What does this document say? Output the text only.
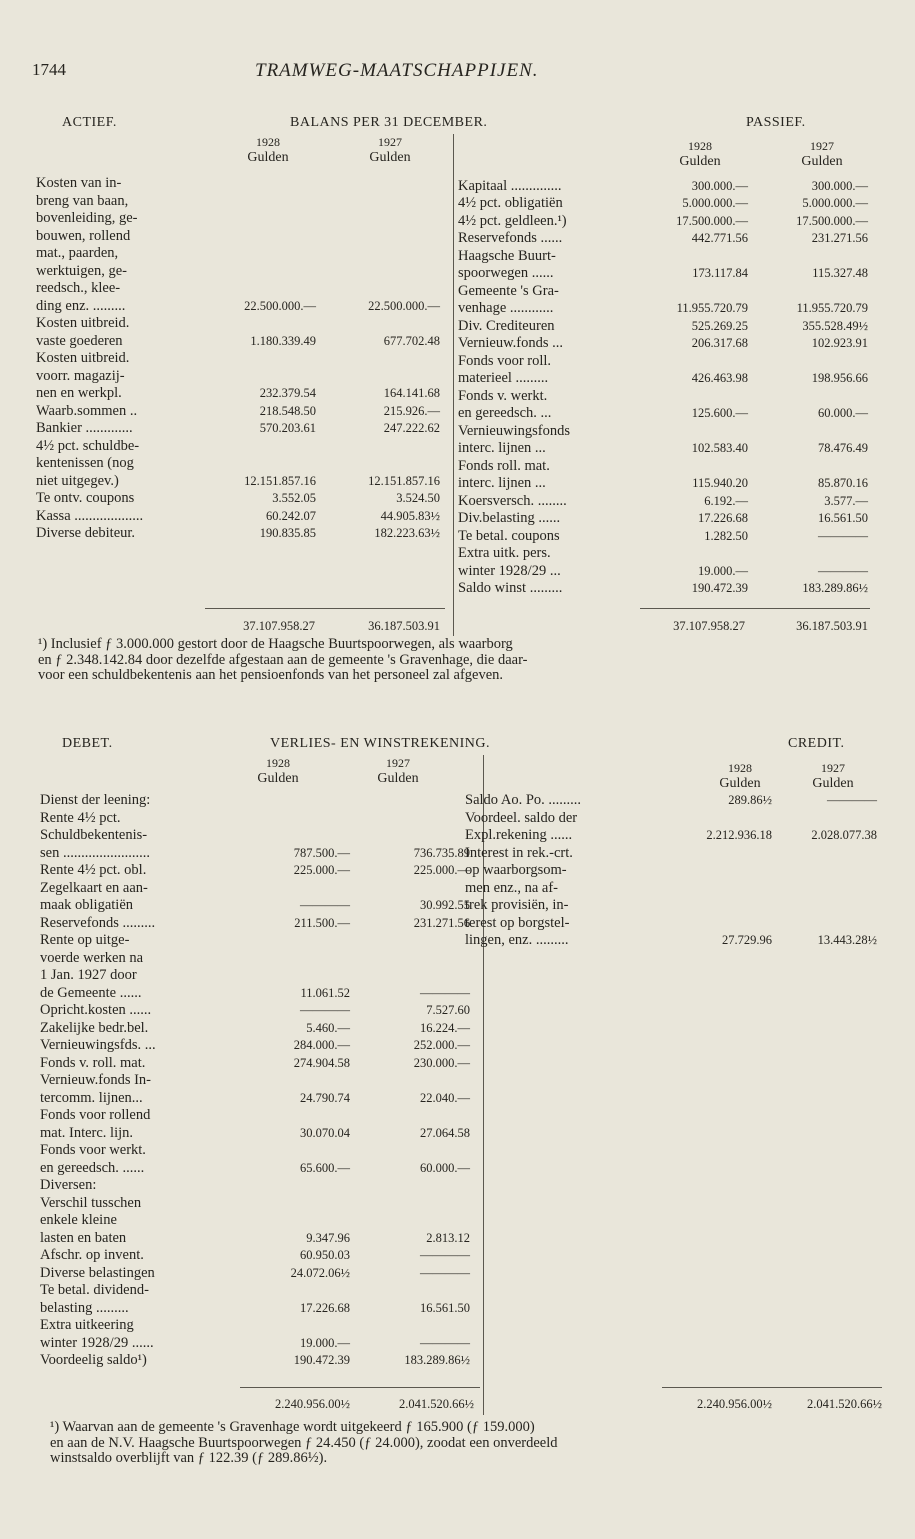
1744	TRAMWEG-MAATSCHAPPIJEN.
ACTIEF.	BALANS PER 31 DECEMBER.	PASSIEF.
1928
Gulden
1927
Gulden
1928
Gulden
1927
Gulden
Kosten van in-
breng van baan,
bovenleiding, ge-
bouwen, rollend
mat., paarden,
werktuigen, ge-
reedsch., klee-
ding enz. .........	22.500.000.—	22.500.000.—
Kosten uitbreid.
vaste goederen	1.180.339.49	677.702.48
Kosten uitbreid.
voorr. magazij-
nen en werkpl.	232.379.54	164.141.68
Waarb.sommen ..	218.548.50	215.926.—
Bankier .............	570.203.61	247.222.62
4½ pct. schuldbe-
kentenissen (nog
niet uitgegev.)	12.151.857.16	12.151.857.16
Te ontv. coupons	3.552.05	3.524.50
Kassa ...................	60.242.07	44.905.83½
Diverse debiteur.	190.835.85	182.223.63½
Kapitaal ..............	300.000.—	300.000.—
4½ pct. obligatiën	5.000.000.—	5.000.000.—
4½ pct. geldleen.¹)	17.500.000.—	17.500.000.—
Reservefonds ......	442.771.56	231.271.56
Haagsche Buurt-
spoorwegen ......	173.117.84	115.327.48
Gemeente 's Gra-
venhage ............	11.955.720.79	11.955.720.79
Div. Crediteuren	525.269.25	355.528.49½
Vernieuw.fonds ...	206.317.68	102.923.91
Fonds voor roll.
materieel .........	426.463.98	198.956.66
Fonds v. werkt.
en gereedsch. ...	125.600.—	60.000.—
Vernieuwingsfonds
interc. lijnen ...	102.583.40	78.476.49
Fonds roll. mat.
interc. lijnen ...	115.940.20	85.870.16
Koersversch. ........	6.192.—	3.577.—
Div.belasting ......	17.226.68	16.561.50
Te betal. coupons	1.282.50	————
Extra uitk. pers.
winter 1928/29 ...	19.000.—	————
Saldo winst .........	190.472.39	183.289.86½
37.107.958.27	36.187.503.91	37.107.958.27	36.187.503.91

¹) Inclusief ƒ 3.000.000 gestort door de Haagsche Buurtspoorwegen, als waarborg

en ƒ 2.348.142.84 door dezelfde afgestaan aan de gemeente 's Gravenhage, die daar-

voor een schuldbekentenis aan het pensioenfonds van het personeel zal afgeven.

DEBET.	VERLIES- EN WINSTREKENING.	CREDIT.
1928
Gulden
1927
Gulden
1928
Gulden
1927
Gulden
Dienst der leening:
Rente 4½ pct.
Schuldbekentenis-
sen ........................	787.500.—	736.735.89
Rente 4½ pct. obl.	225.000.—	225.000.—
Zegelkaart en aan-
maak obligatiën	————	30.992.55
Reservefonds .........	211.500.—	231.271.56
Rente op uitge-
voerde werken na
1 Jan. 1927 door
de Gemeente ......	11.061.52	————
Opricht.kosten ......	————	7.527.60
Zakelijke bedr.bel.	5.460.—	16.224.—
Vernieuwingsfds. ...	284.000.—	252.000.—
Fonds v. roll. mat.	274.904.58	230.000.—
Vernieuw.fonds In-
tercomm. lijnen...	24.790.74	22.040.—
Fonds voor rollend
mat. Interc. lijn.	30.070.04	27.064.58
Fonds voor werkt.
en gereedsch. ......	65.600.—	60.000.—
Diversen:
Verschil tusschen
enkele kleine
lasten en baten	9.347.96	2.813.12
Afschr. op invent.	60.950.03	————
Diverse belastingen	24.072.06½	————
Te betal. dividend-
belasting .........	17.226.68	16.561.50
Extra uitkeering
winter 1928/29 ......	19.000.—	————
Voordeelig saldo¹)	190.472.39	183.289.86½
Saldo Ao. Po. .........	289.86½	————
Voordeel. saldo der
Expl.rekening ......	2.212.936.18	2.028.077.38
Interest in rek.-crt.
op waarborgsom-
men enz., na af-
trek provisiën, in-
terest op borgstel-
lingen, enz. .........	27.729.96	13.443.28½
2.240.956.00½	2.041.520.66½	2.240.956.00½	2.041.520.66½

¹) Waarvan aan de gemeente 's Gravenhage wordt uitgekeerd ƒ 165.900 (ƒ 159.000)

en aan de N.V. Haagsche Buurtspoorwegen ƒ 24.450 (ƒ 24.000), zoodat een onverdeeld

winstsaldo overblijft van ƒ 122.39 (ƒ 289.86½).
